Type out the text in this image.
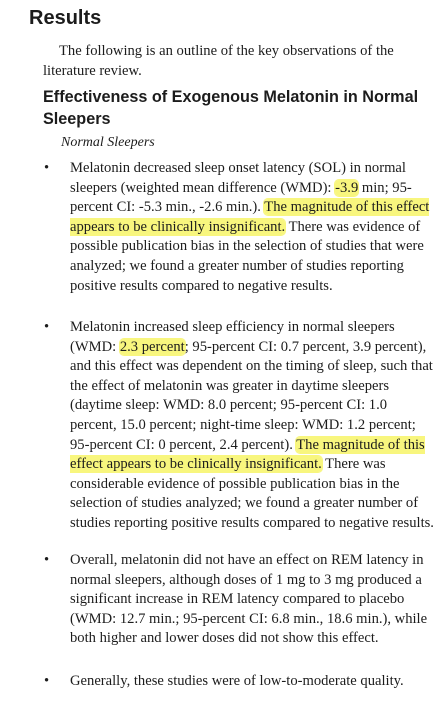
Results

The following is an outline of the key observations of the literature review.

Effectiveness of Exogenous Melatonin in Normal Sleepers

Normal Sleepers

•	Melatonin decreased sleep onset latency (SOL) in normal sleepers (weighted mean difference (WMD): -3.9 min; 95-percent CI: -5.3 min., -2.6 min.). The magnitude of this effect appears to be clinically insignificant. There was evidence of possible publication bias in the selection of studies that were analyzed; we found a greater number of studies reporting positive results compared to negative results.
•	Melatonin increased sleep efficiency in normal sleepers (WMD: 2.3 percent; 95-percent CI: 0.7 percent, 3.9 percent), and this effect was dependent on the timing of sleep, such that the effect of melatonin was greater in daytime sleepers (daytime sleep: WMD: 8.0 percent; 95-percent CI: 1.0 percent, 15.0 percent; night-time sleep: WMD: 1.2 percent; 95-percent CI: 0 percent, 2.4 percent). The magnitude of this effect appears to be clinically insignificant. There was considerable evidence of possible publication bias in the selection of studies analyzed; we found a greater number of studies reporting positive results compared to negative results.
•	Overall, melatonin did not have an effect on REM latency in normal sleepers, although doses of 1 mg to 3 mg produced a significant increase in REM latency compared to placebo (WMD: 12.7 min.; 95-percent CI: 6.8 min., 18.6 min.), while both higher and lower doses did not show this effect.
•	Generally, these studies were of low-to-moderate quality.
